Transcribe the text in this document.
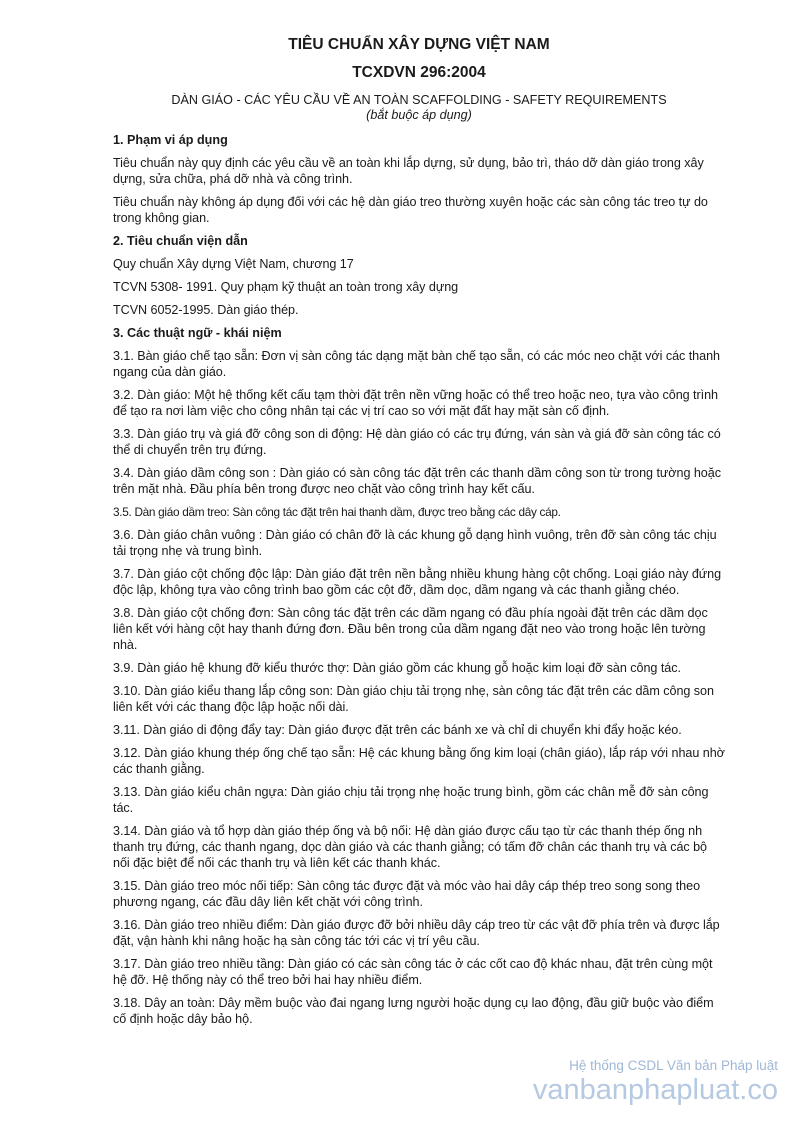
TIÊU CHUẨN XÂY DỰNG VIỆT NAM
TCXDVN 296:2004
DÀN GIÁO - CÁC YÊU CẦU VỀ AN TOÀN SCAFFOLDING - SAFETY REQUIREMENTS
(bắt buộc áp dụng)
1. Phạm vi áp dụng

Tiêu chuẩn này quy định các yêu cầu về an toàn khi lắp dựng, sử dụng, bảo trì, tháo dỡ dàn giáo trong xây dựng, sửa chữa, phá dỡ nhà và công trình.

Tiêu chuẩn này không áp dụng đối với các hệ dàn giáo treo thường xuyên hoặc các sàn công tác treo tự do trong không gian.

2. Tiêu chuẩn viện dẫn

Quy chuẩn Xây dựng Việt Nam, chương 17

TCVN 5308- 1991. Quy phạm kỹ thuật an toàn trong xây dựng

TCVN 6052-1995. Dàn giáo thép.

3. Các thuật ngữ - khái niệm

3.1. Bàn giáo chế tạo sẵn: Đơn vị sàn công tác dạng mặt bàn chế tạo sẵn, có các móc neo chặt với các thanh ngang của dàn giáo.

3.2. Dàn giáo: Một hệ thống kết cấu tạm thời đặt trên nền vững hoặc có thể treo hoặc neo, tựa vào công trình để tạo ra nơi làm việc cho công nhân tại các vị trí cao so với mặt đất hay mặt sàn cố định.

3.3. Dàn giáo trụ và giá đỡ công son di động: Hệ dàn giáo có các trụ đứng, ván sàn và giá đỡ sàn công tác có thể di chuyển trên trụ đứng.

3.4. Dàn giáo dầm công son : Dàn giáo có sàn công tác đặt trên các thanh dầm công son từ trong tường hoặc trên mặt nhà. Đầu phía bên trong được neo chặt vào công trình hay kết cấu.

3.5. Dàn giáo dầm treo: Sàn công tác đặt trên hai thanh dầm, được treo bằng các dây cáp.

3.6. Dàn giáo chân vuông : Dàn giáo có chân đỡ là các khung gỗ dạng hình vuông, trên đỡ sàn công tác chịu tải trọng nhẹ và trung bình.

3.7. Dàn giáo cột chống độc lập: Dàn giáo đặt trên nền bằng nhiều khung hàng cột chống. Loại giáo này đứng độc lập, không tựa vào công trình bao gồm các cột đỡ, dầm dọc, dầm ngang và các thanh giằng chéo.

3.8. Dàn giáo cột chống đơn: Sàn công tác đặt trên các dầm ngang có đầu phía ngoài đặt trên các dầm dọc liên kết với hàng cột hay thanh đứng đơn. Đầu bên trong của dầm ngang đặt neo vào trong hoặc lên tường nhà.

3.9. Dàn giáo hệ khung đỡ kiểu thước thợ: Dàn giáo gồm các khung gỗ hoặc kim loại đỡ sàn công tác.

3.10. Dàn giáo kiểu thang lắp công son: Dàn giáo chịu tải trọng nhẹ, sàn công tác đặt trên các dầm công son liên kết với các thang độc lập hoặc nối dài.

3.11. Dàn giáo di động đẩy tay: Dàn giáo được đặt trên các bánh xe và chỉ di chuyển khi đẩy hoặc kéo.

3.12. Dàn giáo khung thép ống chế tạo sẵn: Hệ các khung bằng ống kim loại (chân giáo), lắp ráp với nhau nhờ các thanh giằng.

3.13. Dàn giáo kiểu chân ngựa: Dàn giáo chịu tải trọng nhẹ hoặc trung bình, gồm các chân mễ đỡ sàn công tác.

3.14. Dàn giáo và tổ hợp dàn giáo thép ống và bộ nối: Hệ dàn giáo được cấu tạo từ các thanh thép ống nh thanh trụ đứng, các thanh ngang, dọc dàn giáo và các thanh giằng; có tấm đỡ chân các thanh trụ và các bộ nối đặc biệt để nối các thanh trụ và liên kết các thanh khác.

3.15. Dàn giáo treo móc nối tiếp: Sàn công tác được đặt và móc vào hai dây cáp thép treo song song theo phương ngang, các đầu dây liên kết chặt với công trình.

3.16. Dàn giáo treo nhiều điểm: Dàn giáo được đỡ bởi nhiều dây cáp treo từ các vật đỡ phía trên và được lắp đặt, vận hành khi nâng hoặc hạ sàn công tác tới các vị trí yêu cầu.

3.17. Dàn giáo treo nhiều tầng: Dàn giáo có các sàn công tác ở các cốt cao độ khác nhau, đặt trên cùng một hệ đỡ. Hệ thống này có thể treo bởi hai hay nhiều điểm.

3.18. Dây an toàn: Dây mềm buộc vào đai ngang lưng người hoặc dụng cụ lao động, đầu giữ buộc vào điểm cố định hoặc dây bảo hộ.

Hệ thống CSDL Văn bản Pháp luật
vanbanphapluat.co
